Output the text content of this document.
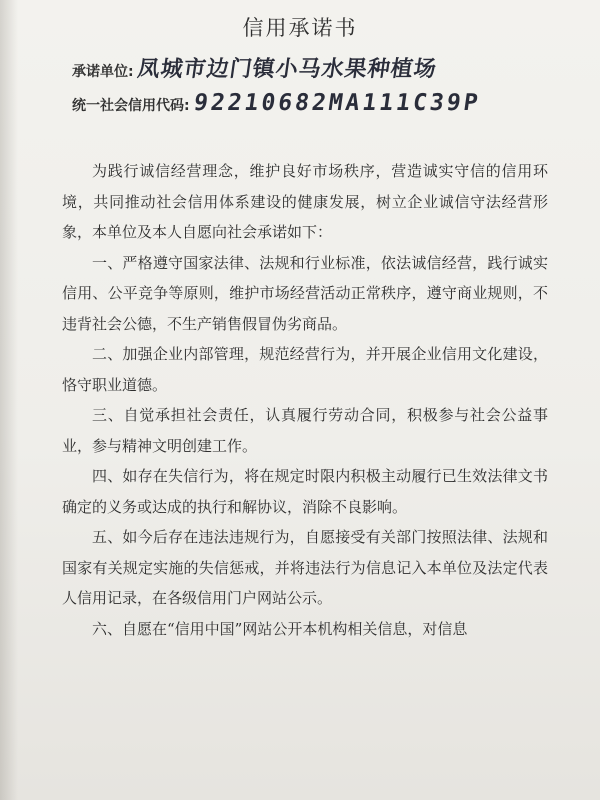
信用承诺书
承诺单位: 凤城市边门镇小马水果种植场
统一社会信用代码: 92210682MA111C39P

为践行诚信经营理念，维护良好市场秩序，营造诚实守信的信用环境，共同推动社会信用体系建设的健康发展，树立企业诚信守法经营形象，本单位及本人自愿向社会承诺如下：

一、严格遵守国家法律、法规和行业标准，依法诚信经营，践行诚实信用、公平竞争等原则，维护市场经营活动正常秩序，遵守商业规则，不违背社会公德，不生产销售假冒伪劣商品。

二、加强企业内部管理，规范经营行为，并开展企业信用文化建设，恪守职业道德。

三、自觉承担社会责任，认真履行劳动合同，积极参与社会公益事业，参与精神文明创建工作。

四、如存在失信行为，将在规定时限内积极主动履行已生效法律文书确定的义务或达成的执行和解协议，消除不良影响。

五、如今后存在违法违规行为，自愿接受有关部门按照法律、法规和国家有关规定实施的失信惩戒，并将违法行为信息记入本单位及法定代表人信用记录，在各级信用门户网站公示。

六、自愿在“信用中国”网站公开本机构相关信息，对信息
